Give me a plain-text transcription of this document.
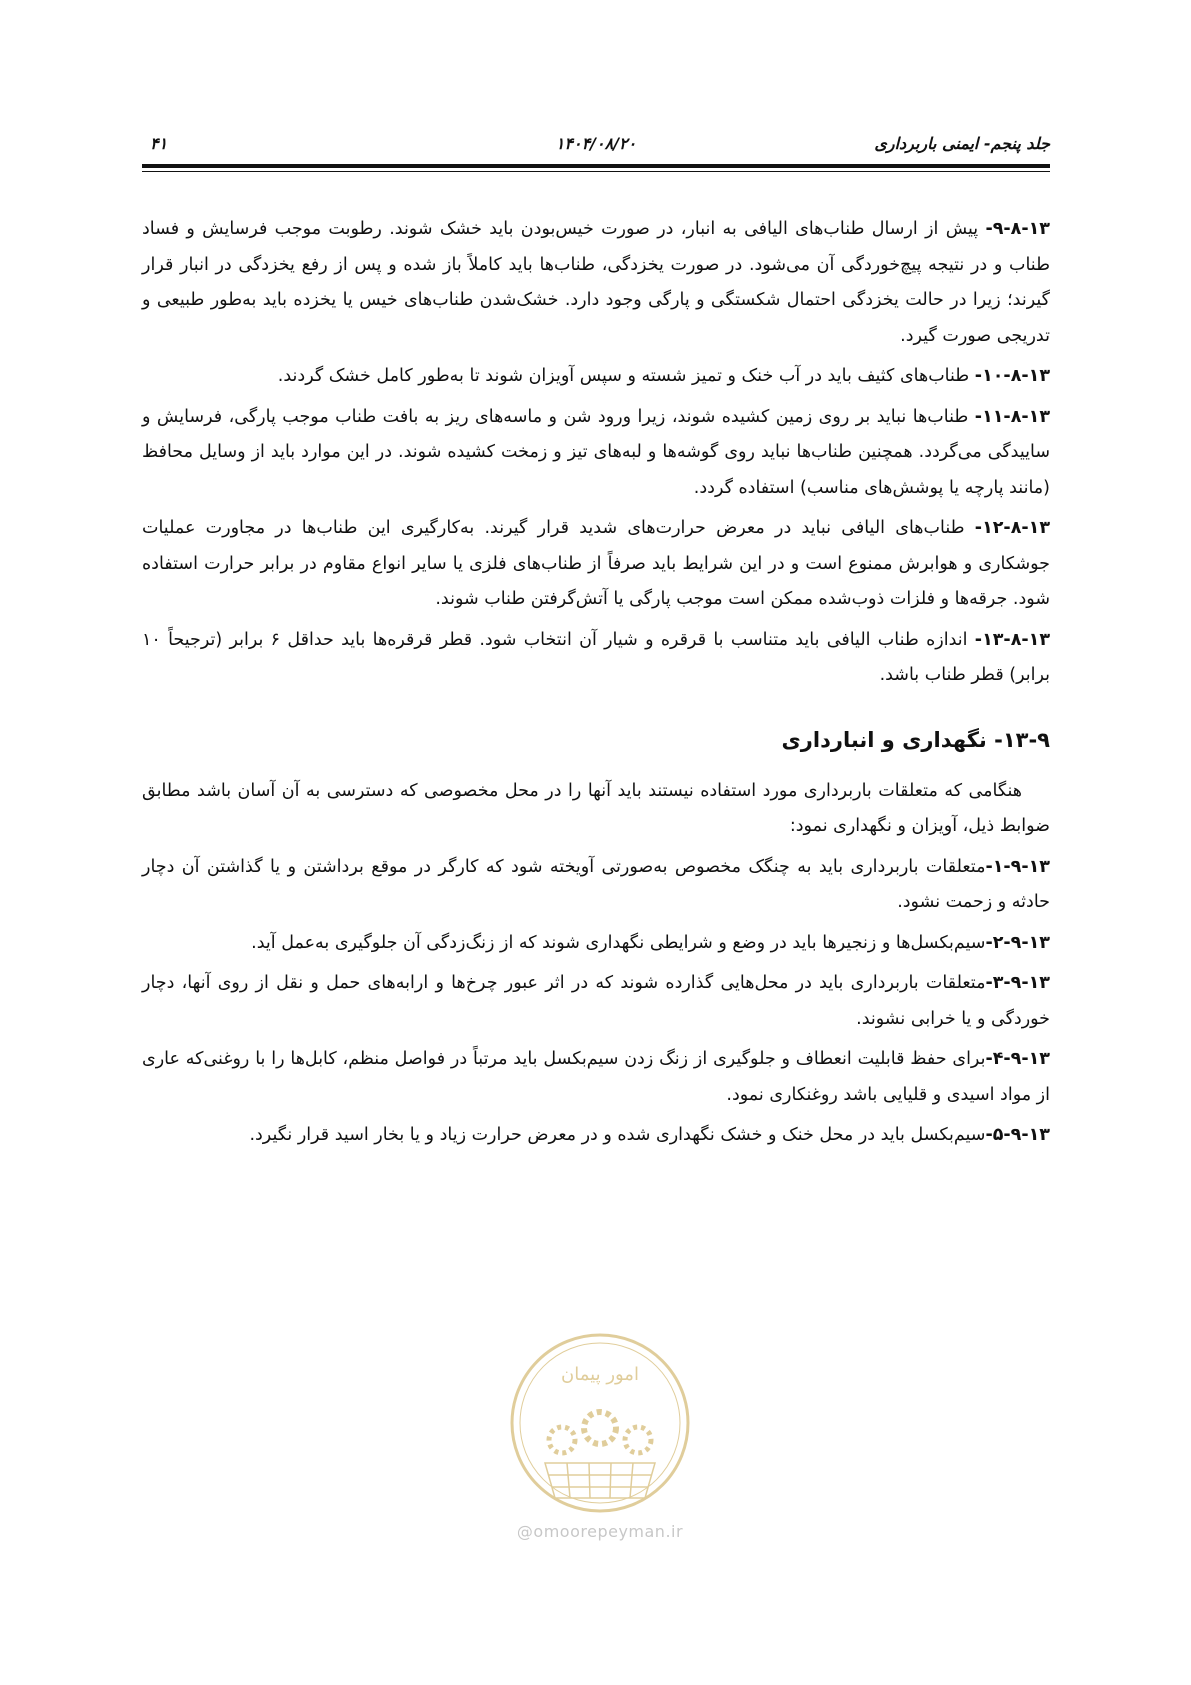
جلد پنجم- ایمنی باربرداری
۱۴۰۴/۰۸/۲۰
۴۱

۹-۸-۱۳- پیش از ارسال طناب‌های الیافی به انبار، در صورت خیس‌بودن باید خشک شوند. رطوبت موجب فرسایش و فساد طناب و در نتیجه پیچ‌خوردگی آن می‌شود. در صورت یخزدگی، طناب‌ها باید کاملاً باز شده و پس از رفع یخزدگی در انبار قرار گیرند؛ زیرا در حالت یخزدگی احتمال شکستگی و پارگی وجود دارد. خشک‌شدن طناب‌های خیس یا یخزده باید به‌طور طبیعی و تدریجی صورت گیرد.

۱۰-۸-۱۳- طناب‌های کثیف باید در آب خنک و تمیز شسته و سپس آویزان شوند تا به‌طور کامل خشک گردند.

۱۱-۸-۱۳- طناب‌ها نباید بر روی زمین کشیده شوند، زیرا ورود شن و ماسه‌های ریز به بافت طناب موجب پارگی، فرسایش و ساییدگی می‌گردد. همچنین طناب‌ها نباید روی گوشه‌ها و لبه‌های تیز و زمخت کشیده شوند. در این موارد باید از وسایل محافظ (مانند پارچه یا پوشش‌های مناسب) استفاده گردد.

۱۲-۸-۱۳- طناب‌های الیافی نباید در معرض حرارت‌های شدید قرار گیرند. به‌کارگیری این طناب‌ها در مجاورت عملیات جوشکاری و هوابرش ممنوع است و در این شرایط باید صرفاً از طناب‌های فلزی یا سایر انواع مقاوم در برابر حرارت استفاده شود. جرقه‌ها و فلزات ذوب‌شده ممکن است موجب پارگی یا آتش‌گرفتن طناب شوند.

۱۳-۸-۱۳- اندازه طناب الیافی باید متناسب با قرقره و شیار آن انتخاب شود. قطر قرقره‌ها باید حداقل ۶ برابر (ترجیحاً ۱۰ برابر) قطر طناب باشد.

۱۳-۹- نگهداری و انبارداری

هنگامی که متعلقات باربرداری مورد استفاده نیستند باید آنها را در محل مخصوصی که دسترسی به آن آسان باشد مطابق ضوابط ذیل، آویزان و نگهداری نمود:

۱-۹-۱۳-متعلقات باربرداری باید به چنگک مخصوص به‌صورتی آویخته شود که کارگر در موقع برداشتن و یا گذاشتن آن دچار حادثه و زحمت نشود.

۲-۹-۱۳-سیم‌بکسل‌ها و زنجیرها باید در وضع و شرایطی نگهداری شوند که از زنگ‌زدگی آن جلوگیری به‌عمل آید.

۳-۹-۱۳-متعلقات باربرداری باید در محل‌هایی گذارده شوند که در اثر عبور چرخ‌ها و ارابه‌های حمل و نقل از روی آنها، دچار خوردگی و یا خرابی نشوند.

۴-۹-۱۳-برای حفظ قابلیت انعطاف و جلوگیری از زنگ زدن سیم‌بکسل باید مرتباً در فواصل منظم، کابل‌ها را با روغنی‌که عاری از مواد اسیدی و قلیایی باشد روغنکاری نمود.

۵-۹-۱۳-سیم‌بکسل باید در محل خنک و خشک نگهداری شده و در معرض حرارت زیاد و یا بخار اسید قرار نگیرد.

امور پیمان
@omoorepeyman.ir
